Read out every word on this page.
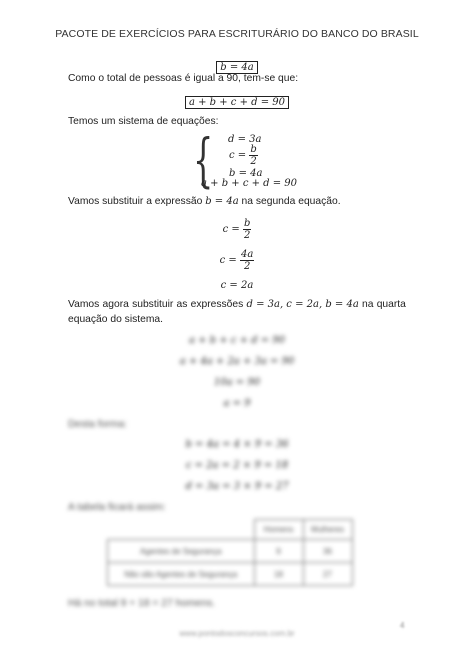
PACOTE DE EXERCÍCIOS PARA ESCRITURÁRIO DO BANCO DO BRASIL
b = 4a
Como o total de pessoas é igual a 90, tem-se que:
a + b + c + d = 90
Temos um sistema de equações:
{ d = 3a
$c = \frac{b}{2}$
b = 4a
a + b + c + d = 90
Vamos substituir a expressão b = 4a na segunda equação.
$c = \frac{b}{2}$
$c = \frac{4a}{2}$
c = 2a
Vamos agora substituir as expressões d = 3a, c = 2a, b = 4a na quarta
equação do sistema.
a + b + c + d = 90
a + 4a + 2a + 3a = 90
10a = 90
a = 9
Desta forma:
b = 4a = 4 × 9 = 36
c = 2a = 2 × 9 = 18
d = 3a = 3 × 9 = 27
A tabela ficará assim:
	Homens	Mulheres
Agentes de Segurança	9	36
Não são Agentes de Segurança	18	27
Há no total 9 + 18 = 27 homens.
4
www.pontodosconcursos.com.br
